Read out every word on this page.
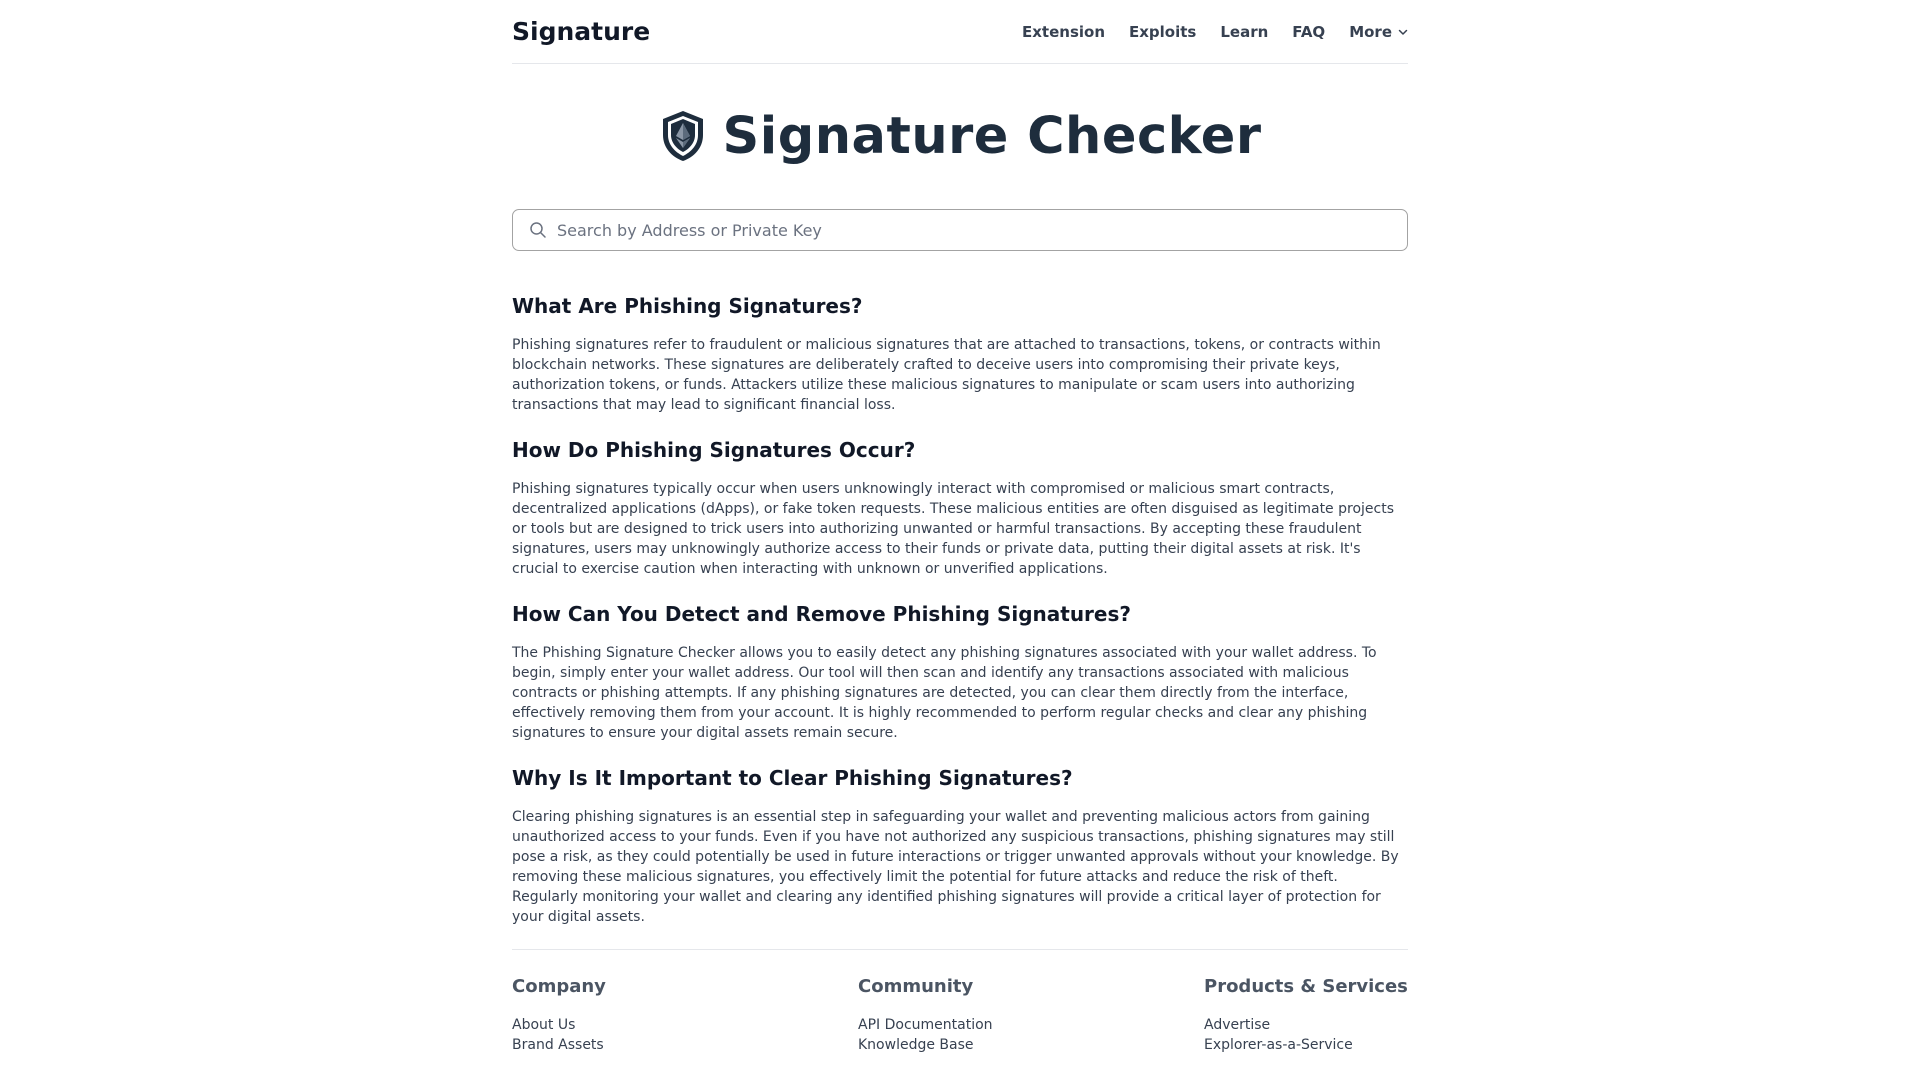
Signature	Extension Exploits Learn FAQ More
Signature Checker
Search by Address or Private Key
What Are Phishing Signatures?

Phishing signatures refer to fraudulent or malicious signatures that are attached to transactions, tokens, or contracts within blockchain networks. These signatures are deliberately crafted to deceive users into compromising their private keys, authorization tokens, or funds. Attackers utilize these malicious signatures to manipulate or scam users into authorizing transactions that may lead to significant financial loss.

How Do Phishing Signatures Occur?

Phishing signatures typically occur when users unknowingly interact with compromised or malicious smart contracts, decentralized applications (dApps), or fake token requests. These malicious entities are often disguised as legitimate projects or tools but are designed to trick users into authorizing unwanted or harmful transactions. By accepting these fraudulent signatures, users may unknowingly authorize access to their funds or private data, putting their digital assets at risk. It's crucial to exercise caution when interacting with unknown or unverified applications.

How Can You Detect and Remove Phishing Signatures?

The Phishing Signature Checker allows you to easily detect any phishing signatures associated with your wallet address. To begin, simply enter your wallet address. Our tool will then scan and identify any transactions associated with malicious contracts or phishing attempts. If any phishing signatures are detected, you can clear them directly from the interface, effectively removing them from your account. It is highly recommended to perform regular checks and clear any phishing signatures to ensure your digital assets remain secure.

Why Is It Important to Clear Phishing Signatures?

Clearing phishing signatures is an essential step in safeguarding your wallet and preventing malicious actors from gaining unauthorized access to your funds. Even if you have not authorized any suspicious transactions, phishing signatures may still pose a risk, as they could potentially be used in future interactions or trigger unwanted approvals without your knowledge. By removing these malicious signatures, you effectively limit the potential for future attacks and reduce the risk of theft. Regularly monitoring your wallet and clearing any identified phishing signatures will provide a critical layer of protection for your digital assets.

Company
About Us
Brand Assets
Community
API Documentation
Knowledge Base
Products & Services
Advertise
Explorer-as-a-Service
